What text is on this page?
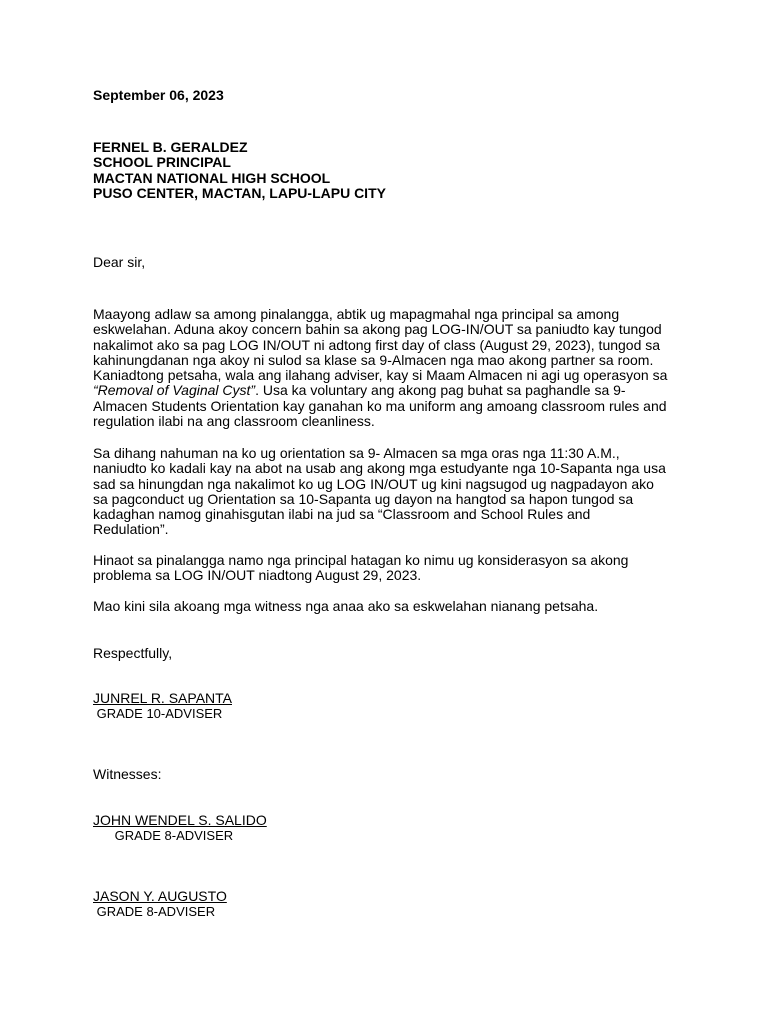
September 06, 2023
FERNEL B. GERALDEZ
SCHOOL PRINCIPAL
MACTAN NATIONAL HIGH SCHOOL
PUSO CENTER, MACTAN, LAPU-LAPU CITY
Dear sir,

Maayong adlaw sa among pinalangga, abtik ug mapagmahal nga principal sa among

eskwelahan. Aduna akoy concern bahin sa akong pag LOG-IN/OUT sa paniudto kay tungod

nakalimot ako sa pag LOG IN/OUT ni adtong first day of class (August 29, 2023), tungod sa

kahinungdanan nga akoy ni sulod sa klase sa 9-Almacen nga mao akong partner sa room.

Kaniadtong petsaha, wala ang ilahang adviser, kay si Maam Almacen ni agi ug operasyon sa

“Removal of Vaginal Cyst”. Usa ka voluntary ang akong pag buhat sa paghandle sa 9-

Almacen Students Orientation kay ganahan ko ma uniform ang amoang classroom rules and

regulation ilabi na ang classroom cleanliness.

Sa dihang nahuman na ko ug orientation sa 9- Almacen sa mga oras nga 11:30 A.M.,

naniudto ko kadali kay na abot na usab ang akong mga estudyante nga 10-Sapanta nga usa

sad sa hinungdan nga nakalimot ko ug LOG IN/OUT ug kini nagsugod ug nagpadayon ako

sa pagconduct ug Orientation sa 10-Sapanta ug dayon na hangtod sa hapon tungod sa

kadaghan namog ginahisgutan ilabi na jud sa “Classroom and School Rules and

Redulation”.

Hinaot sa pinalangga namo nga principal hatagan ko nimu ug konsiderasyon sa akong

problema sa LOG IN/OUT niadtong August 29, 2023.

Mao kini sila akoang mga witness nga anaa ako sa eskwelahan nianang petsaha.

Respectfully,
JUNREL R. SAPANTA
GRADE 10-ADVISER
Witnesses:
JOHN WENDEL S. SALIDO
GRADE 8-ADVISER
JASON Y. AUGUSTO
GRADE 8-ADVISER
